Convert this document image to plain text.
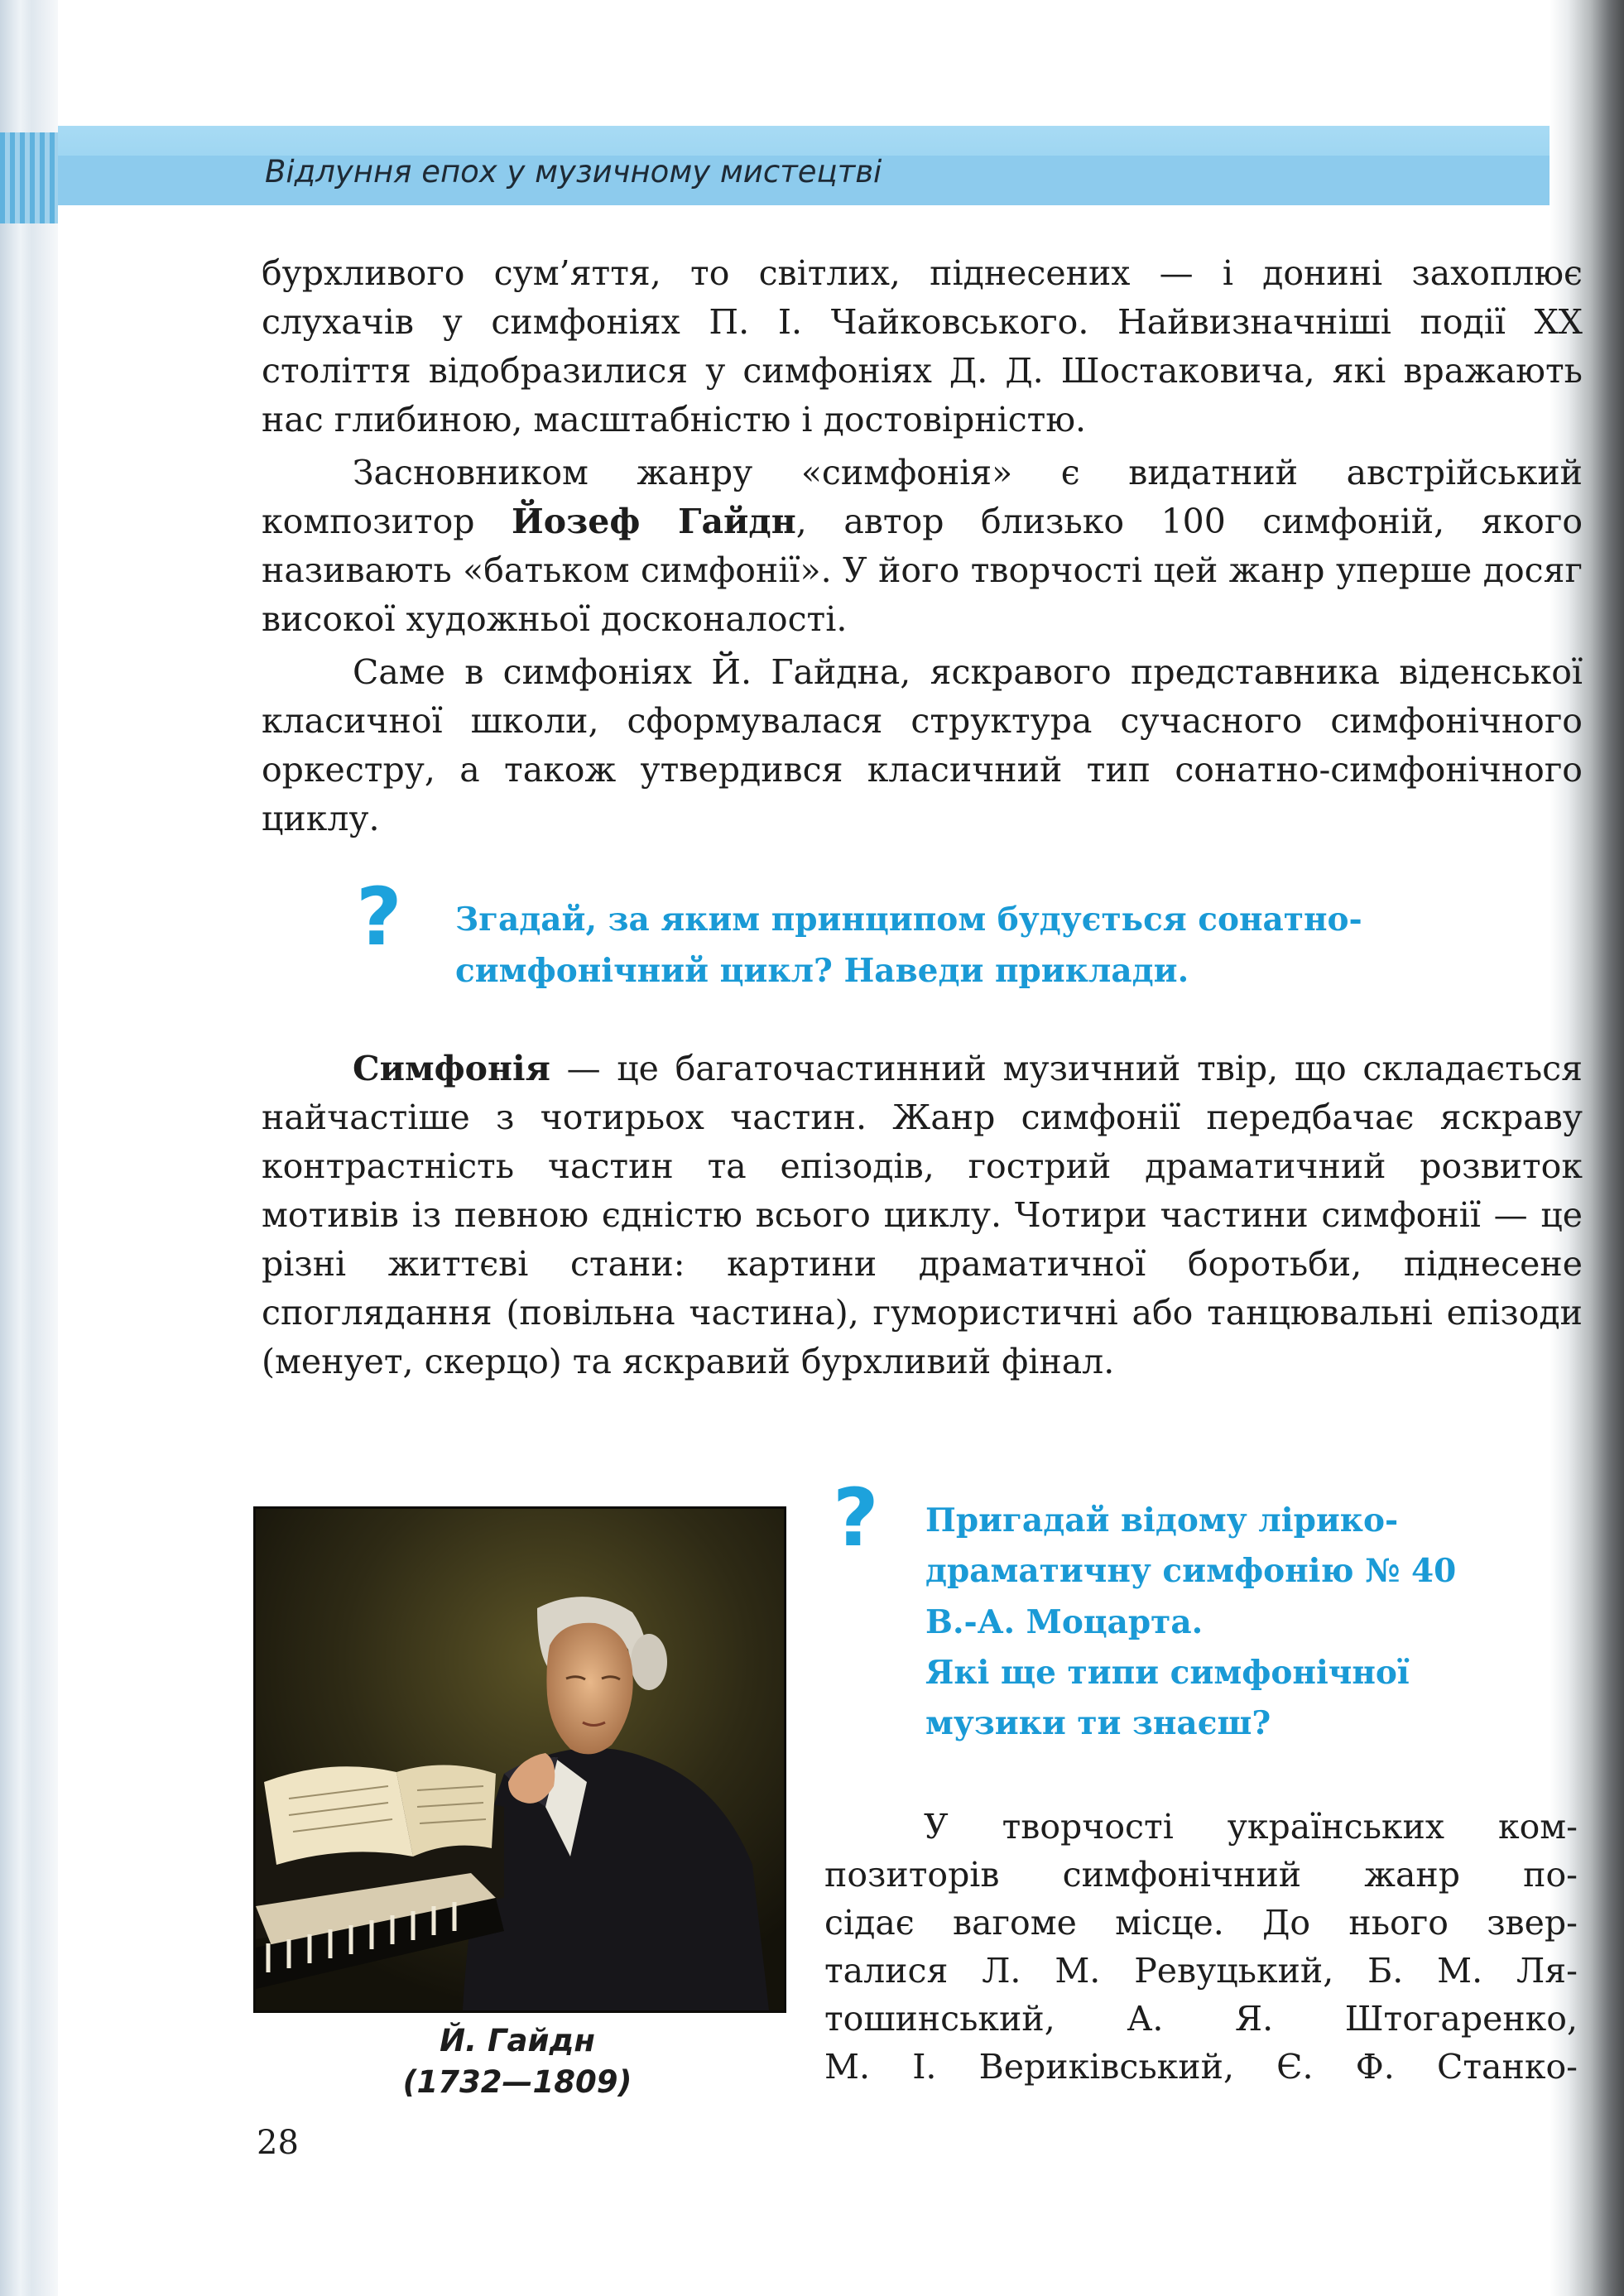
Відлуння епох у музичному мистецтві

бурхливого сум’яття, то світлих, піднесених — і донині захоплює слухачів у симфоніях П. І. Чайковського. Найвизначніші події XX століття відобразилися у симфоніях Д. Д. Шостаковича, які вражають нас глибиною, масштабністю і достовірністю.

Засновником жанру «симфонія» є видатний австрійський композитор Йозеф Гайдн, автор близько 100 симфоній, якого називають «батьком симфонії». У його творчості цей жанр уперше досяг високої художньої досконалості.

Саме в симфоніях Й. Гайдна, яскравого представника віденської класичної школи, сформувалася структура сучасного симфонічного оркестру, а також утвердився класичний тип сонатно-симфонічного циклу.

? Згадай, за яким принципом будується сонатно-
симфонічний цикл? Наведи приклади.

Симфонія — це багаточастинний музичний твір, що складається найчастіше з чотирьох частин. Жанр симфонії передбачає яскраву контрастність частин та епізодів, гострий драматичний розвиток мотивів із певною єдністю всього циклу. Чотири частини симфонії — це різні життєві стани: картини драматичної боротьби, піднесене споглядання (повільна частина), гумористичні або танцювальні епізоди (менует, скерцо) та яскравий бурхливий фінал.

Й. Гайдн
(1732—1809)
? Пригадай відому лірико-
драматичну симфонію № 40
В.-А. Моцарта.
Які ще типи симфонічної
музики ти знаєш?

У творчості українських ком-

позиторів симфонічний жанр по-

сідає вагоме місце. До нього звер-

талися Л. М. Ревуцький, Б. М. Ля-

тошинський, А. Я. Штогаренко,

М. І. Вериківський, Є. Ф. Станко-

28
